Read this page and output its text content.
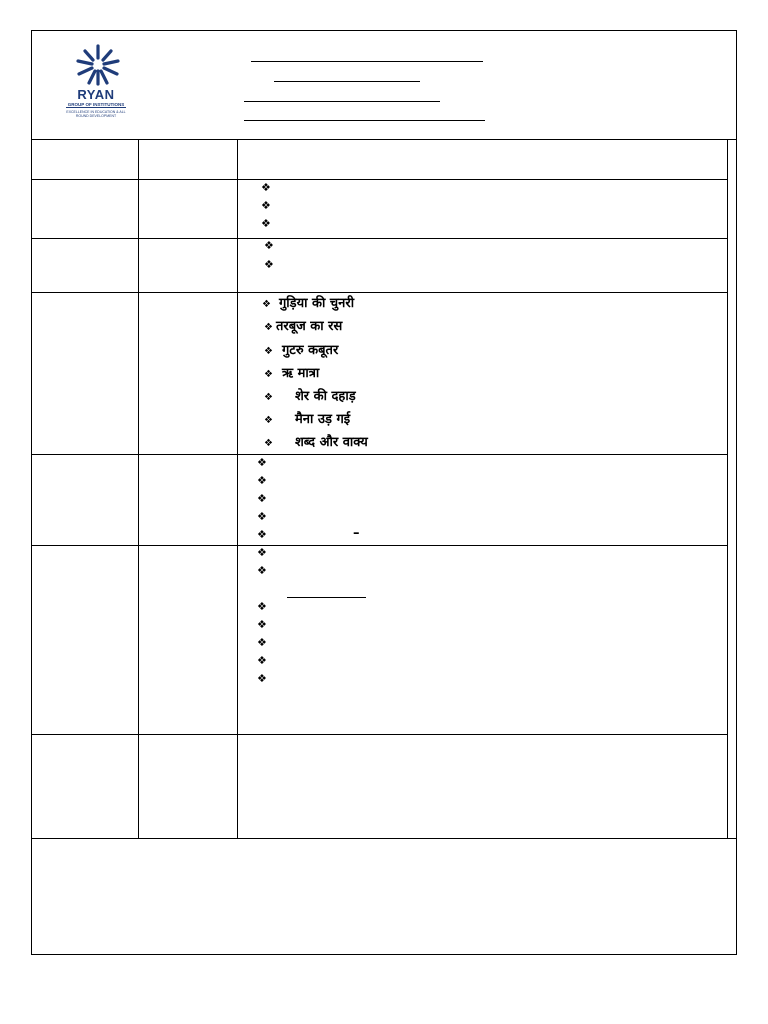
RYAN
GROUP OF INSTITUTIONS
EXCELLENCE IN EDUCATION & ALL ROUND DEVELOPMENT
❖
❖
❖
❖
❖
❖ गुड़िया की चुनरी
❖ तरबूज का रस
❖ गुटरु कबूतर
❖ ऋ मात्रा
❖ शेर की दहाड़
❖ मैना उड़ गई
❖ शब्द और वाक्य
❖
❖
❖
❖
❖	–
❖
❖
❖
❖
❖
❖
❖
